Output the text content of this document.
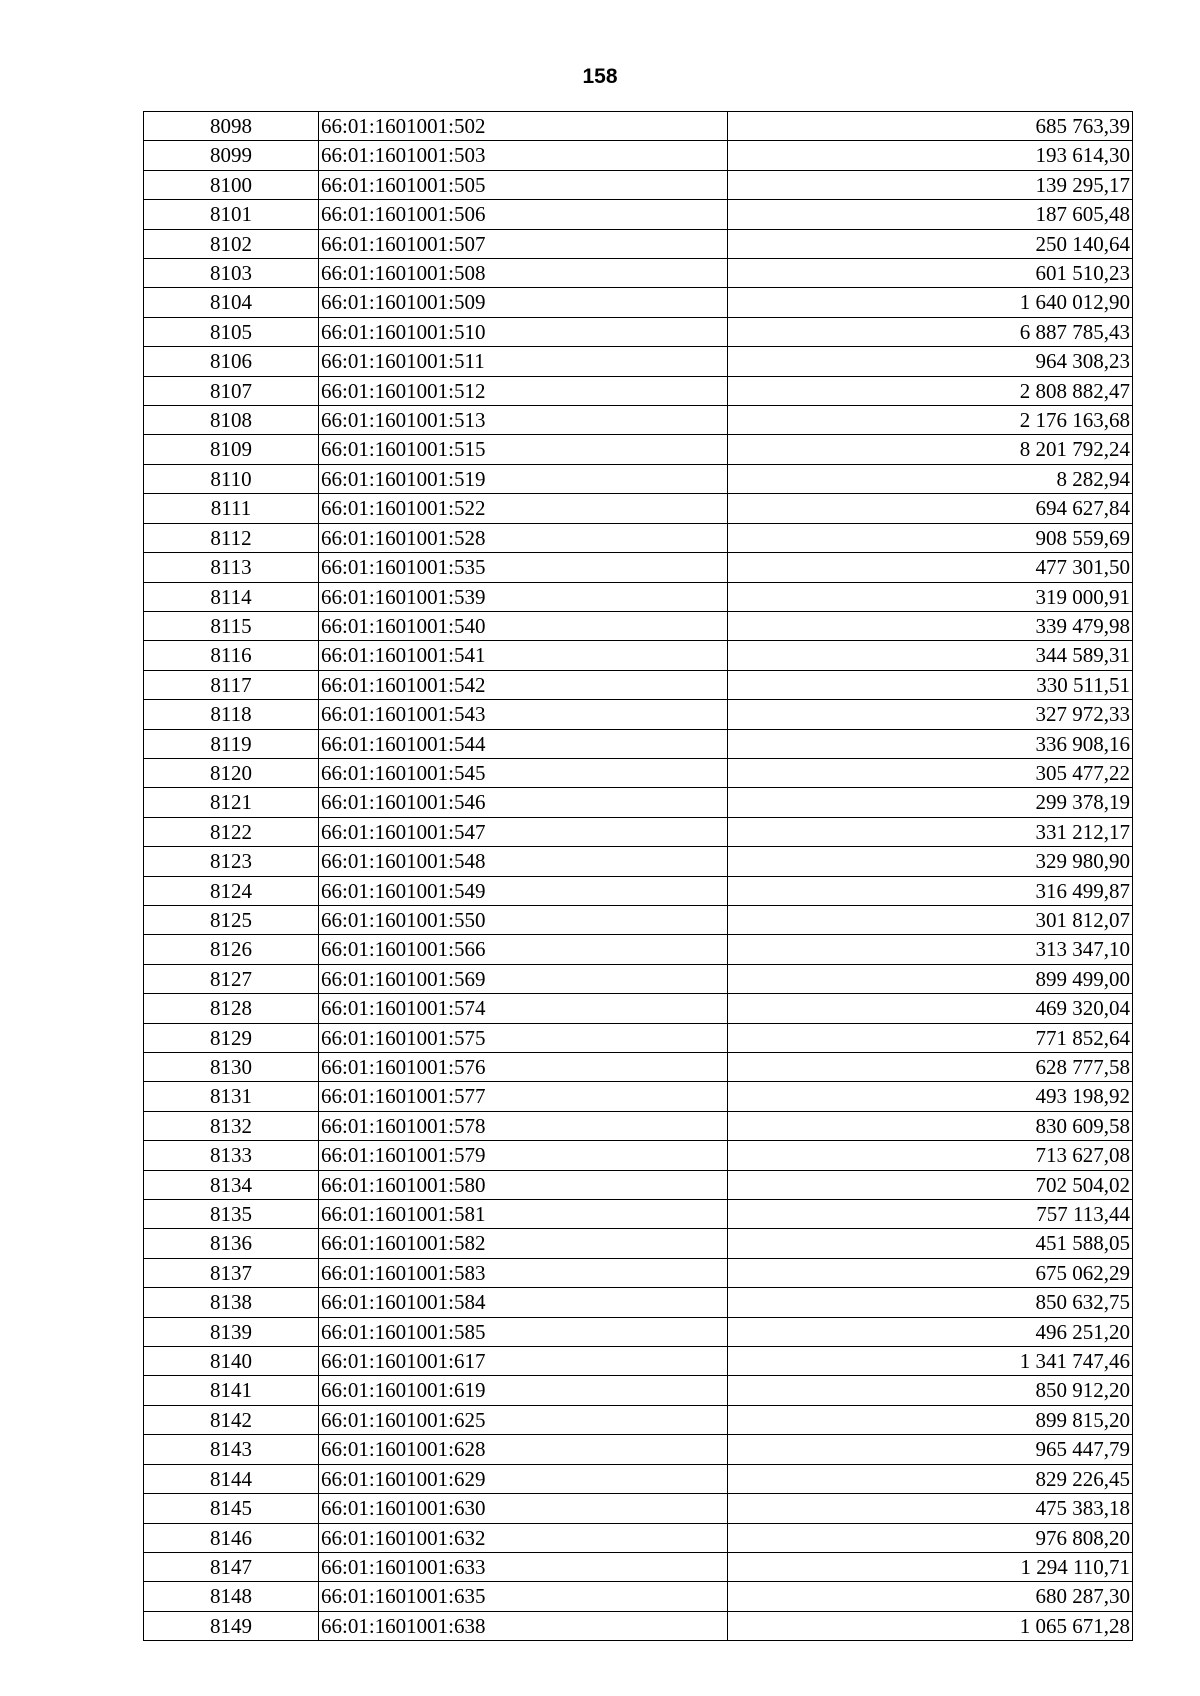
158
8098	66:01:1601001:502	685 763,39
8099	66:01:1601001:503	193 614,30
8100	66:01:1601001:505	139 295,17
8101	66:01:1601001:506	187 605,48
8102	66:01:1601001:507	250 140,64
8103	66:01:1601001:508	601 510,23
8104	66:01:1601001:509	1 640 012,90
8105	66:01:1601001:510	6 887 785,43
8106	66:01:1601001:511	964 308,23
8107	66:01:1601001:512	2 808 882,47
8108	66:01:1601001:513	2 176 163,68
8109	66:01:1601001:515	8 201 792,24
8110	66:01:1601001:519	8 282,94
8111	66:01:1601001:522	694 627,84
8112	66:01:1601001:528	908 559,69
8113	66:01:1601001:535	477 301,50
8114	66:01:1601001:539	319 000,91
8115	66:01:1601001:540	339 479,98
8116	66:01:1601001:541	344 589,31
8117	66:01:1601001:542	330 511,51
8118	66:01:1601001:543	327 972,33
8119	66:01:1601001:544	336 908,16
8120	66:01:1601001:545	305 477,22
8121	66:01:1601001:546	299 378,19
8122	66:01:1601001:547	331 212,17
8123	66:01:1601001:548	329 980,90
8124	66:01:1601001:549	316 499,87
8125	66:01:1601001:550	301 812,07
8126	66:01:1601001:566	313 347,10
8127	66:01:1601001:569	899 499,00
8128	66:01:1601001:574	469 320,04
8129	66:01:1601001:575	771 852,64
8130	66:01:1601001:576	628 777,58
8131	66:01:1601001:577	493 198,92
8132	66:01:1601001:578	830 609,58
8133	66:01:1601001:579	713 627,08
8134	66:01:1601001:580	702 504,02
8135	66:01:1601001:581	757 113,44
8136	66:01:1601001:582	451 588,05
8137	66:01:1601001:583	675 062,29
8138	66:01:1601001:584	850 632,75
8139	66:01:1601001:585	496 251,20
8140	66:01:1601001:617	1 341 747,46
8141	66:01:1601001:619	850 912,20
8142	66:01:1601001:625	899 815,20
8143	66:01:1601001:628	965 447,79
8144	66:01:1601001:629	829 226,45
8145	66:01:1601001:630	475 383,18
8146	66:01:1601001:632	976 808,20
8147	66:01:1601001:633	1 294 110,71
8148	66:01:1601001:635	680 287,30
8149	66:01:1601001:638	1 065 671,28
